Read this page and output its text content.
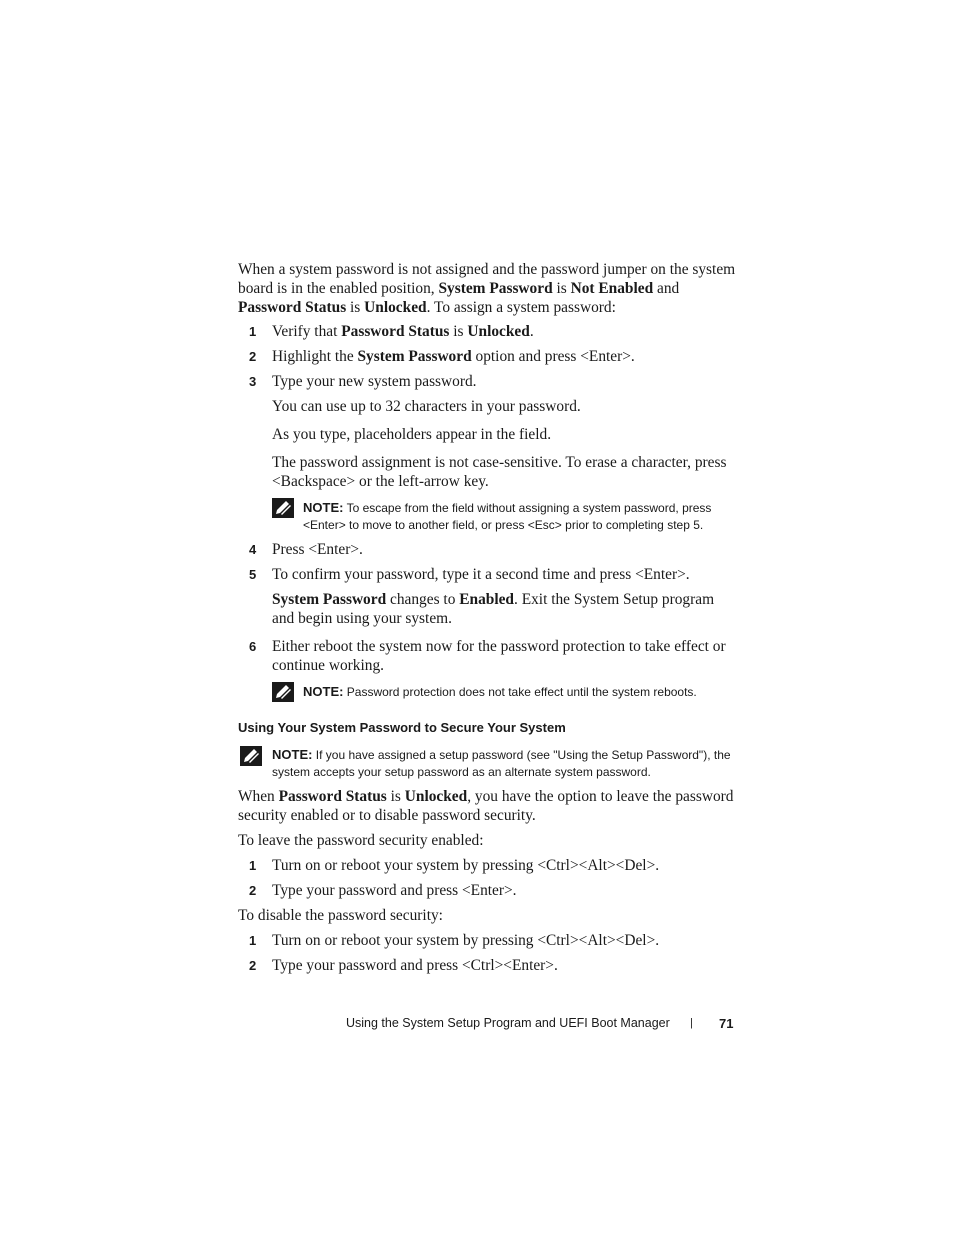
When a system password is not assigned and the password jumper on the system board is in the enabled position, System Password is Not Enabled and Password Status is Unlocked. To assign a system password:
1 Verify that Password Status is Unlocked.
2 Highlight the System Password option and press <Enter>.
3 Type your new system password.
You can use up to 32 characters in your password.
As you type, placeholders appear in the field.
The password assignment is not case-sensitive. To erase a character, press <Backspace> or the left-arrow key.
NOTE: To escape from the field without assigning a system password, press <Enter> to move to another field, or press <Esc> prior to completing step 5.
4 Press <Enter>.
5 To confirm your password, type it a second time and press <Enter>.
System Password changes to Enabled. Exit the System Setup program and begin using your system.
6 Either reboot the system now for the password protection to take effect or continue working.
NOTE: Password protection does not take effect until the system reboots.
Using Your System Password to Secure Your System
NOTE: If you have assigned a setup password (see "Using the Setup Password"), the system accepts your setup password as an alternate system password.
When Password Status is Unlocked, you have the option to leave the password security enabled or to disable password security.
To leave the password security enabled:
1 Turn on or reboot your system by pressing <Ctrl><Alt><Del>.
2 Type your password and press <Enter>.
To disable the password security:
1 Turn on or reboot your system by pressing <Ctrl><Alt><Del>.
2 Type your password and press <Ctrl><Enter>.
Using the System Setup Program and UEFI Boot Manager | 71
